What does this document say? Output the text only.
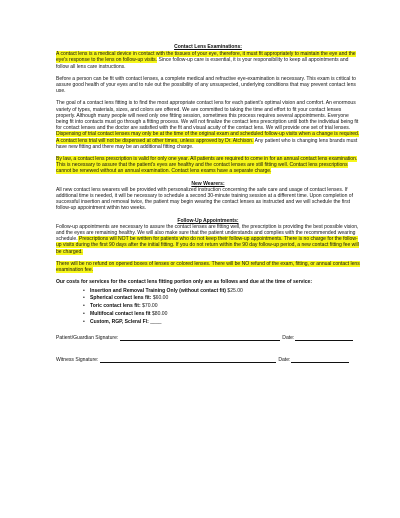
Contact Lens Examinations:

A contact lens is a medical device in contact with the tissues of your eye, therefore, it must fit appropriately to maintain the eye and the eye's response to the lens on follow-up visits. Since follow-up care is essential, it is your responsibility to keep all appointments and follow all lens care instructions.

Before a person can be fit with contact lenses, a complete medical and refractive eye-examination is necessary. This exam is critical to assure good health of your eyes and to rule out the possibility of any unsuspected, underlying conditions that may prevent contact lens use.

The goal of a contact lens fitting is to find the most appropriate contact lens for each patient's optimal vision and comfort. An enormous variety of types, materials, sizes, and colors are offered. We are committed to taking the time and effort to fit your contact lenses properly. Although many people will need only one fitting session, sometimes this process requires several appointments. Everyone being fit into contacts must go through a fitting process. We will not finalize the contact lens prescription until both the individual being fit for contact lenses and the doctor are satisfied with the fit and visual acuity of the contact lens. We will provide one set of trial lenses. Dispensing of trial contact lenses may only be at the time of the original exam and scheduled follow-up visits when a change is required. A contact lens trial will not be dispensed at other times, unless approved by Dr. Atchison. Any patient who is changing lens brands must have new fitting and there may be an additional fitting charge.

By law, a contact lens prescription is valid for only one year. All patients are required to come in for an annual contact lens examination. This is necessary to assure that the patient's eyes are healthy and the contact lenses are still fitting well. Contact lens prescriptions cannot be renewed without an annual examination. Contact lens exams have a separate charge.

New Wearers:

All new contact lens wearers will be provided with personalized instruction concerning the safe care and usage of contact lenses. If additional time is needed, it will be necessary to schedule a second 30-minute training session at a different time. Upon completion of successful insertion and removal twice, the patient may begin wearing the contact lenses as instructed and we will schedule the first follow-up appointment within two weeks.

Follow-Up Appointments:

Follow-up appointments are necessary to assure the contact lenses are fitting well, the prescription is providing the best possible vision, and the eyes are remaining healthy. We will also make sure that the patient understands and complies with the recommended wearing schedule. Prescriptions will NOT be written for patients who do not keep their follow-up appointments. There is no charge for the follow-up visits during the first 90 days after the initial fitting. If you do not return within the 90 day follow-up period, a new contact fitting fee will be charged.

There will be no refund on opened boxes of lenses or colored lenses. There will be NO refund of the exam, fitting, or annual contact lens examination fee.

Our costs for services for the contact lens fitting portion only are as follows and due at the time of service:
• Insertion and Removal Training Only (without contact fit) $25.00
• Spherical contact lens fit: $60.00
• Toric contact lens fit: $70.00
• Multifocal contact lens fit $80.00
• Custom, RGP, Scleral Fl: ____
Patient/Guardian Signature:	Date:
Witness Signature:	Date:
